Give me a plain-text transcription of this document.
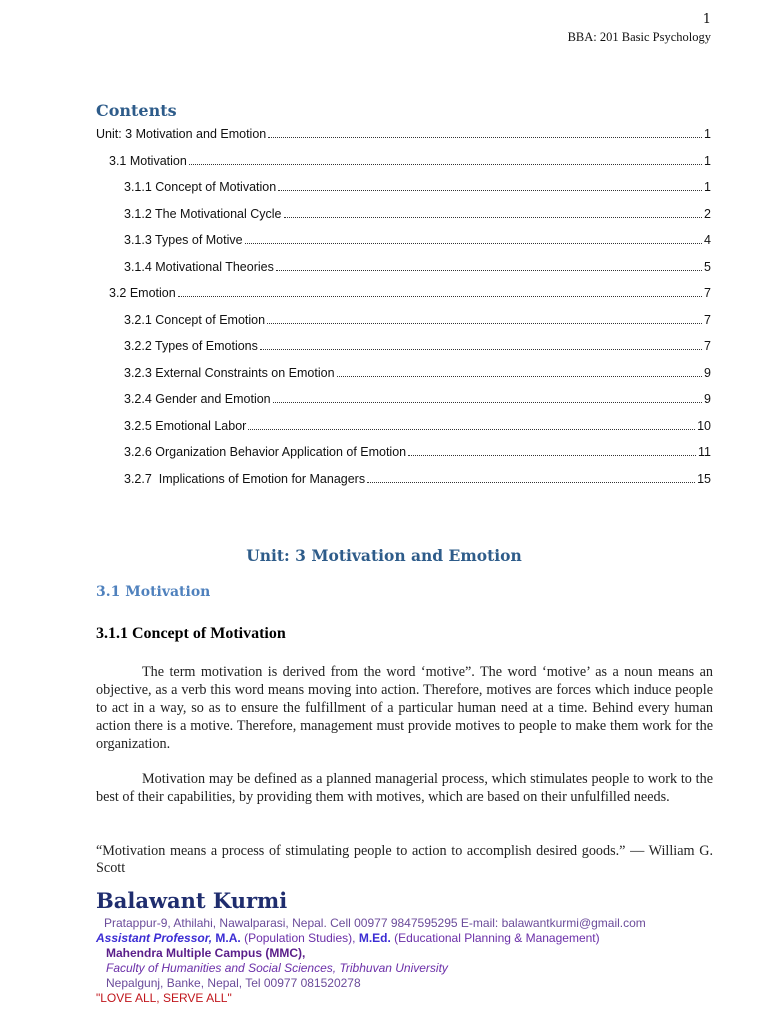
1
BBA: 201 Basic Psychology
Contents
Unit: 3 Motivation and Emotion	1
3.1 Motivation	1
3.1.1 Concept of Motivation	1
3.1.2 The Motivational Cycle	2
3.1.3 Types of Motive	4
3.1.4 Motivational Theories	5
3.2 Emotion	7
3.2.1 Concept of Emotion	7
3.2.2 Types of Emotions	7
3.2.3 External Constraints on Emotion	9
3.2.4 Gender and Emotion	9
3.2.5 Emotional Labor	10
3.2.6 Organization Behavior Application of Emotion	11
3.2.7  Implications of Emotion for Managers	15
Unit: 3 Motivation and Emotion
3.1 Motivation
3.1.1 Concept of Motivation

The term motivation is derived from the word ‘motive”. The word ‘motive’ as a noun means an objective, as a verb this word means moving into action. Therefore, motives are forces which induce people to act in a way, so as to ensure the fulfillment of a particular human need at a time. Behind every human action there is a motive. Therefore, management must provide motives to people to make them work for the organization.

Motivation may be defined as a planned managerial process, which stimulates people to work to the best of their capabilities, by providing them with motives, which are based on their unfulfilled needs.

“Motivation means a process of stimulating people to action to accomplish desired goods.” — William G. Scott

Balawant Kurmi
Pratappur-9, Athilahi, Nawalparasi, Nepal. Cell 00977 9847595295 E-mail: balawantkurmi@gmail.com
Assistant Professor, M.A. (Population Studies), M.Ed. (Educational Planning & Management)
Mahendra Multiple Campus (MMC),
Faculty of Humanities and Social Sciences, Tribhuvan University
Nepalgunj, Banke, Nepal, Tel 00977 081520278
"LOVE ALL, SERVE ALL"
